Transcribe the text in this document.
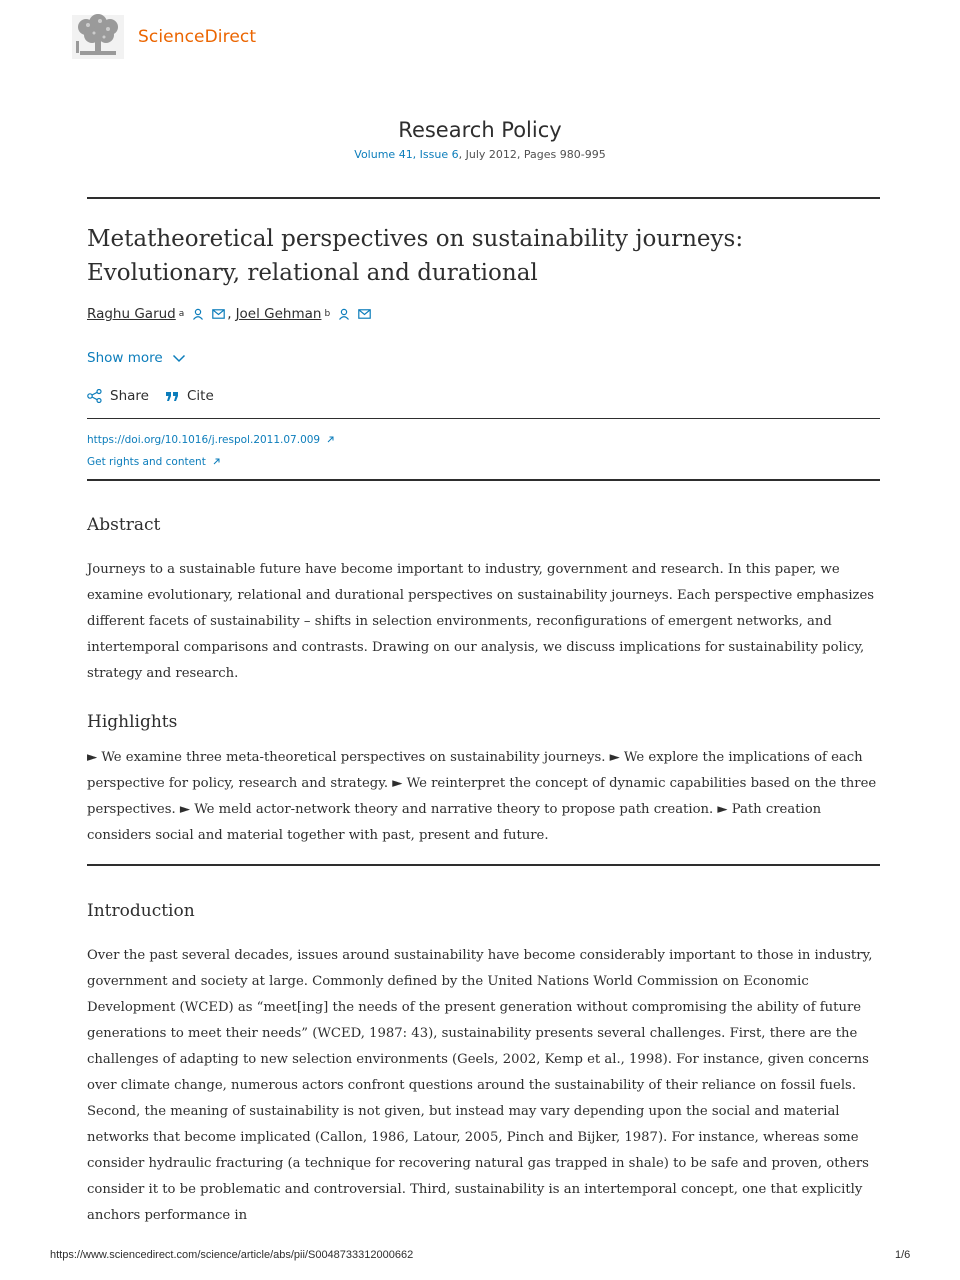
ScienceDirect
Research Policy
Volume 41, Issue 6, July 2012, Pages 980-995
Metatheoretical perspectives on sustainability journeys: Evolutionary, relational and durational
Raghu Garud a	, Joel Gehman b
Show more
Share	Cite
https://doi.org/10.1016/j.respol.2011.07.009
Get rights and content
Abstract

Journeys to a sustainable future have become important to industry, government and research. In this paper, we examine evolutionary, relational and durational perspectives on sustainability journeys. Each perspective emphasizes different facets of sustainability – shifts in selection environments, reconfigurations of emergent networks, and intertemporal comparisons and contrasts. Drawing on our analysis, we discuss implications for sustainability policy, strategy and research.

Highlights

► We examine three meta-theoretical perspectives on sustainability journeys. ► We explore the implications of each perspective for policy, research and strategy. ► We reinterpret the concept of dynamic capabilities based on the three perspectives. ► We meld actor-network theory and narrative theory to propose path creation. ► Path creation considers social and material together with past, present and future.

Introduction

Over the past several decades, issues around sustainability have become considerably important to those in industry, government and society at large. Commonly defined by the United Nations World Commission on Economic Development (WCED) as “meet[ing] the needs of the present generation without compromising the ability of future generations to meet their needs” (WCED, 1987: 43), sustainability presents several challenges. First, there are the challenges of adapting to new selection environments (Geels, 2002, Kemp et al., 1998). For instance, given concerns over climate change, numerous actors confront questions around the sustainability of their reliance on fossil fuels. Second, the meaning of sustainability is not given, but instead may vary depending upon the social and material networks that become implicated (Callon, 1986, Latour, 2005, Pinch and Bijker, 1987). For instance, whereas some consider hydraulic fracturing (a technique for recovering natural gas trapped in shale) to be safe and proven, others consider it to be problematic and controversial. Third, sustainability is an intertemporal concept, one that explicitly anchors performance in

https://www.sciencedirect.com/science/article/abs/pii/S0048733312000662	1/6
